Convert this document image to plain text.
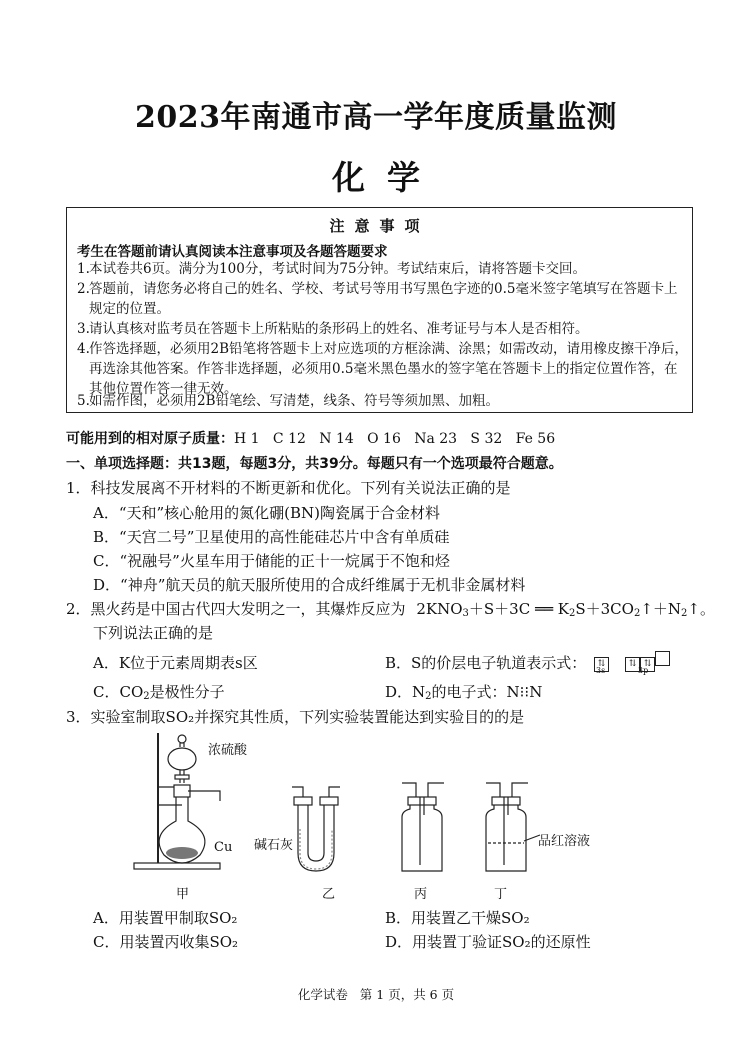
2023年南通市高一学年度质量监测
化学
注意事项
考生在答题前请认真阅读本注意事项及各题答题要求
1. 本试卷共6页。满分为100分，考试时间为75分钟。考试结束后，请将答题卡交回。
2. 答题前，请您务必将自己的姓名、学校、考试号等用书写黑色字迹的0.5毫米签字笔填写在答题卡上规定的位置。
3. 请认真核对监考员在答题卡上所粘贴的条形码上的姓名、准考证号与本人是否相符。
4. 作答选择题，必须用2B铅笔将答题卡上对应选项的方框涂满、涂黑；如需改动，请用橡皮擦干净后，再选涂其他答案。作答非选择题，必须用0.5毫米黑色墨水的签字笔在答题卡上的指定位置作答，在其他位置作答一律无效。
5. 如需作图，必须用2B铅笔绘、写清楚，线条、符号等须加黑、加粗。
可能用到的相对原子质量：H 1   C 12   N 14   O 16   Na 23   S 32   Fe 56
一、单项选择题：共13题，每题3分，共39分。每题只有一个选项最符合题意。
1．科技发展离不开材料的不断更新和优化。下列有关说法正确的是
A．“天和”核心舱用的氮化硼(BN)陶瓷属于合金材料
B．“天宫二号”卫星使用的高性能硅芯片中含有单质硅
C．“祝融号”火星车用于储能的正十一烷属于不饱和烃
D．“神舟”航天员的航天服所使用的合成纤维属于无机非金属材料
2．黑火药是中国古代四大发明之一，其爆炸反应为 $2KNO_3+S+3C$ ══ $K_2S+3CO_2↑+N_2↑$。
下列说法正确的是
A．K位于元素周期表s区	B．S的价层电子轨道表示式：	⇅	⇅ ⇅
3s	3p
C．$CO_2$是极性分子	D．$N_2$的电子式：N⁝⁝N
3．实验室制取SO₂并探究其性质，下列实验装置能达到实验目的的是
浓硫酸
Cu 碱石灰	品红溶液
甲	乙	丙	丁
A．用装置甲制取SO₂	B．用装置乙干燥SO₂
C．用装置丙收集SO₂	D．用装置丁验证SO₂的还原性
化学试卷   第 1 页，共 6 页
